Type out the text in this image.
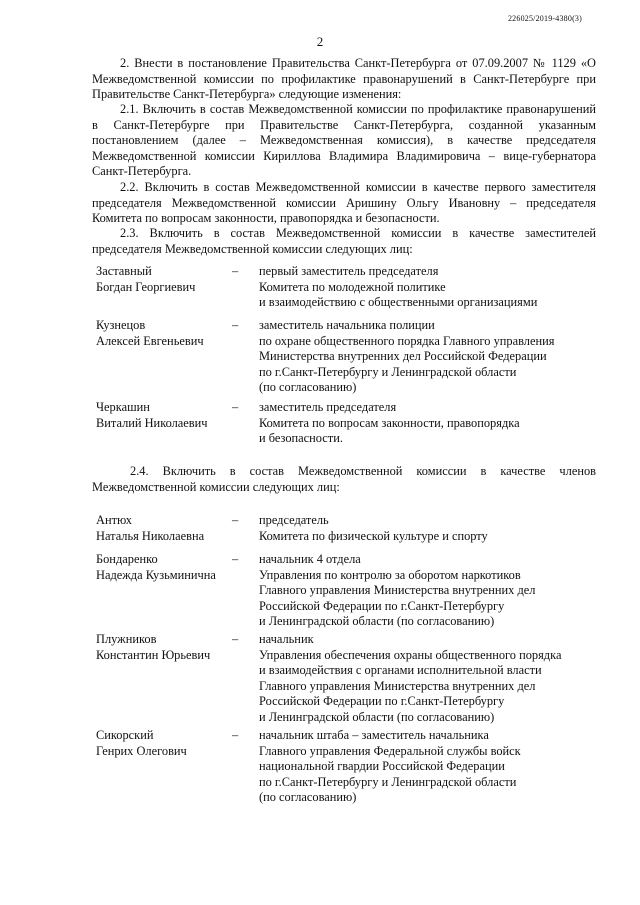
226025/2019-4380(3)
2
2. Внести в постановление Правительства Санкт-Петербурга от 07.09.2007 № 1129 «О Межведомственной комиссии по профилактике правонарушений в Санкт-Петербурге при Правительстве Санкт-Петербурга» следующие изменения:
2.1. Включить в состав Межведомственной комиссии по профилактике правонарушений в Санкт-Петербурге при Правительстве Санкт-Петербурга, созданной указанным постановлением (далее – Межведомственная комиссия), в качестве председателя Межведомственной комиссии Кириллова Владимира Владимировича – вице-губернатора Санкт-Петербурга.
2.2. Включить в состав Межведомственной комиссии в качестве первого заместителя председателя Межведомственной комиссии Аришину Ольгу Ивановну – председателя Комитета по вопросам законности, правопорядка и безопасности.
2.3. Включить в состав Межведомственной комиссии в качестве заместителей председателя Межведомственной комиссии следующих лиц:
Заставный
Богдан Георгиевич
–	первый заместитель председателя
Комитета по молодежной политике
и взаимодействию с общественными организациями
Кузнецов
Алексей Евгеньевич
–	заместитель начальника полиции
по охране общественного порядка Главного управления
Министерства внутренних дел Российской Федерации
по г.Санкт-Петербургу и Ленинградской области
(по согласованию)
Черкашин
Виталий Николаевич
–	заместитель председателя
Комитета по вопросам законности, правопорядка
и безопасности.
2.4. Включить в состав Межведомственной комиссии в качестве членов Межведомственной комиссии следующих лиц:
Антюх
Наталья Николаевна
–	председатель
Комитета по физической культуре и спорту
Бондаренко
Надежда Кузьминична
–	начальник 4 отдела
Управления по контролю за оборотом наркотиков
Главного управления Министерства внутренних дел
Российской Федерации по г.Санкт-Петербургу
и Ленинградской области (по согласованию)
Плужников
Константин Юрьевич
–	начальник
Управления обеспечения охраны общественного порядка
и взаимодействия с органами исполнительной власти
Главного управления Министерства внутренних дел
Российской Федерации по г.Санкт-Петербургу
и Ленинградской области (по согласованию)
Сикорский
Генрих Олегович
–	начальник штаба – заместитель начальника
Главного управления Федеральной службы войск
национальной гвардии Российской Федерации
по г.Санкт-Петербургу и Ленинградской области
(по согласованию)
